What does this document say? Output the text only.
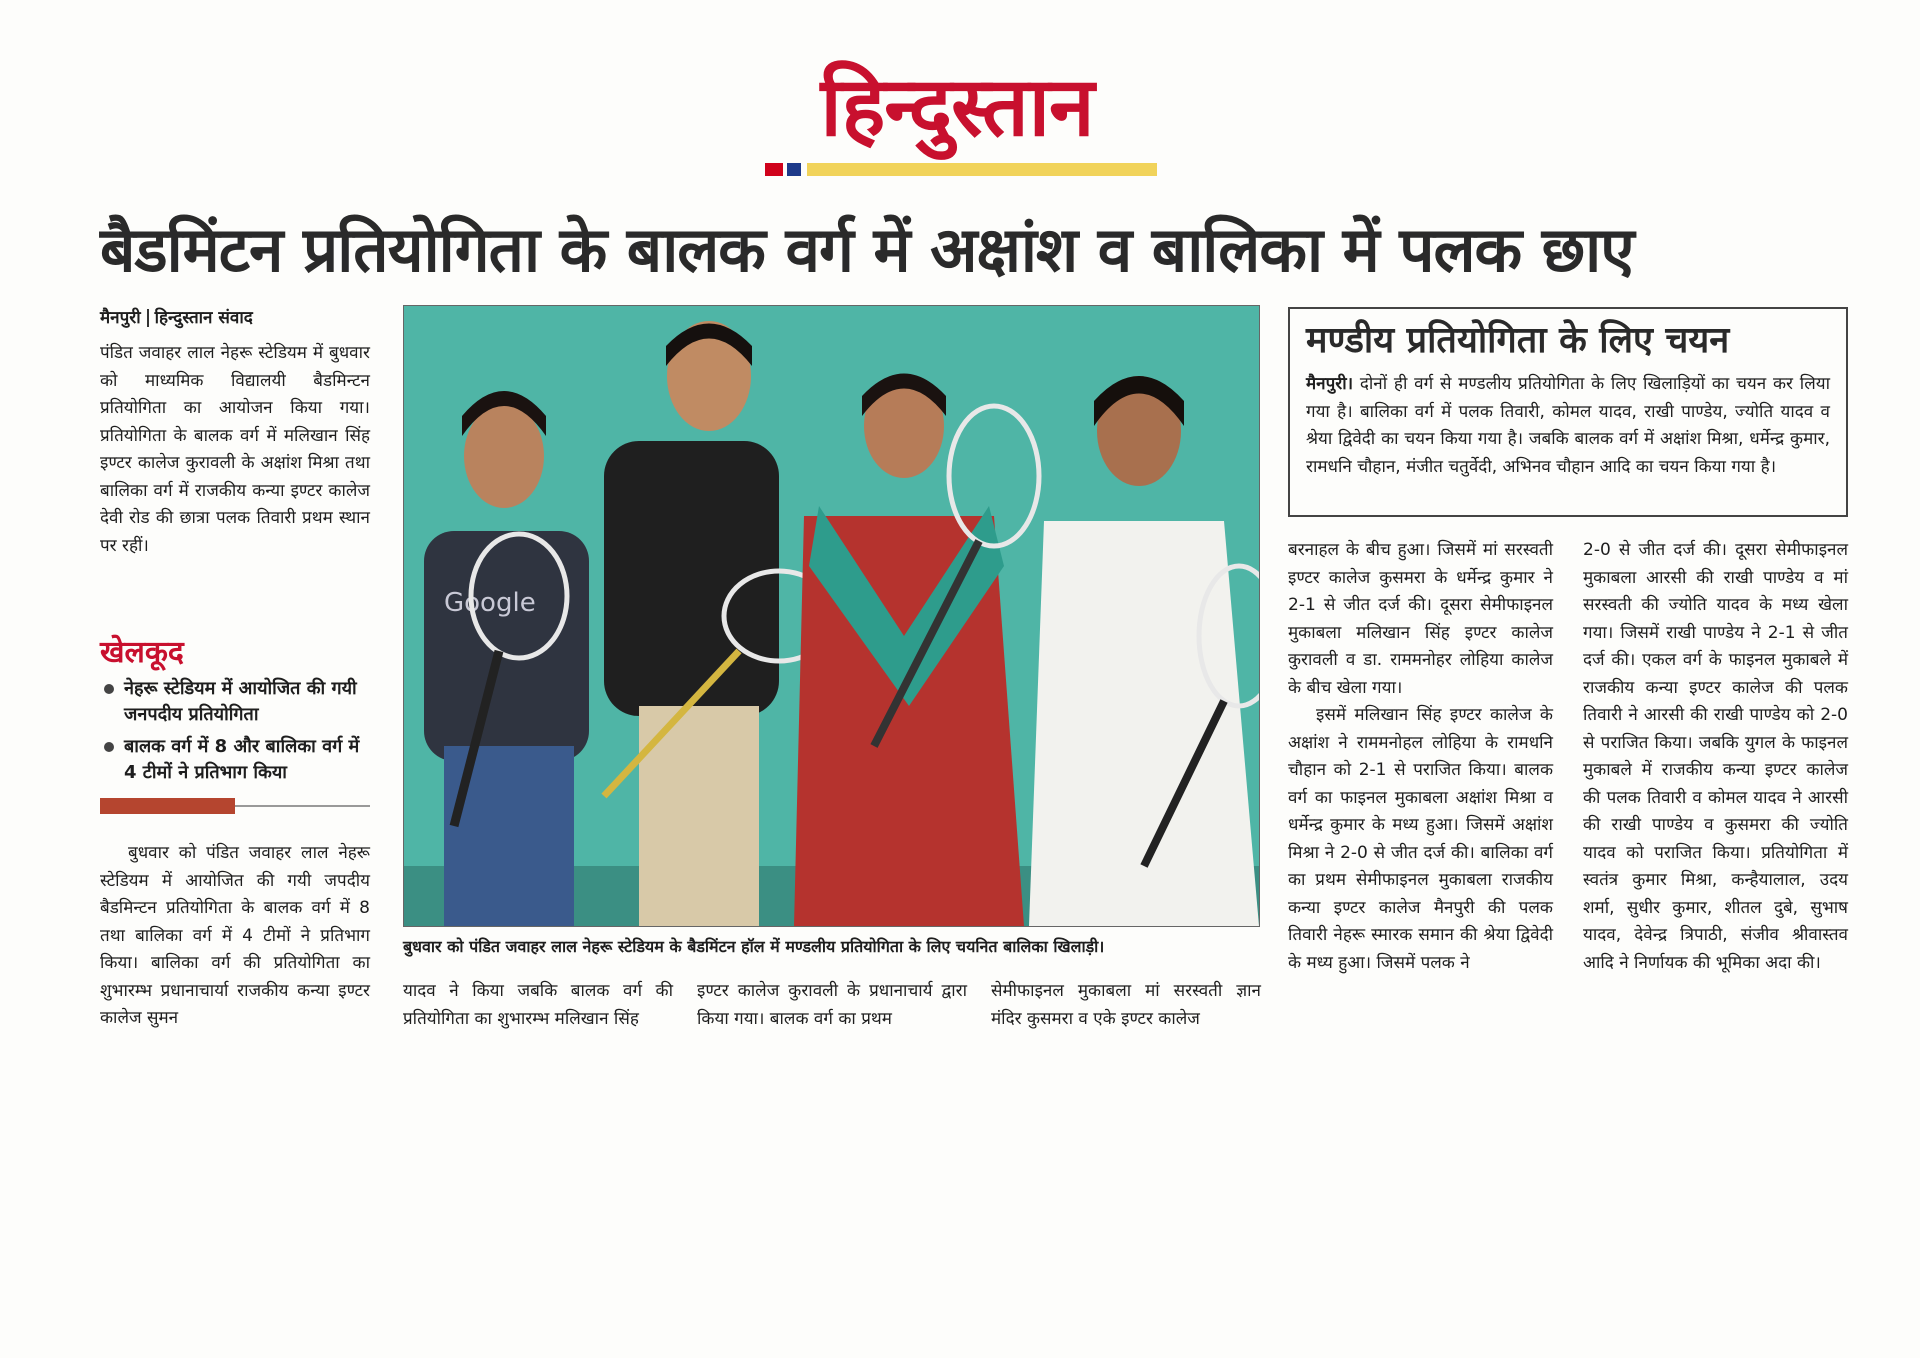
हिन्दुस्तान
बैडमिंटन प्रतियोगिता के बालक वर्ग में अक्षांश व बालिका में पलक छाए
मैनपुरी हिन्दुस्तान संवाद

पंडित जवाहर लाल नेहरू स्टेडियम में बुधवार को माध्यमिक विद्यालयी बैडमिन्टन प्रतियोगिता का आयोजन किया गया। प्रतियोगिता के बालक वर्ग में मलिखान सिंह इण्टर कालेज कुरावली के अक्षांश मिश्रा तथा बालिका वर्ग में राजकीय कन्या इण्टर कालेज देवी रोड की छात्रा पलक तिवारी प्रथम स्थान पर रहीं।

खेलकूद
नेहरू स्टेडियम में आयोजित की गयी जनपदीय प्रतियोगिता
बालक वर्ग में 8 और बालिका वर्ग में 4 टीमों ने प्रतिभाग किया

बुधवार को पंडित जवाहर लाल नेहरू स्टेडियम में आयोजित की गयी जपदीय बैडमिन्टन प्रतियोगिता के बालक वर्ग में 8 तथा बालिका वर्ग में 4 टीमों ने प्रतिभाग किया। बालिका वर्ग की प्रतियोगिता का शुभारम्भ प्रधानाचार्या राजकीय कन्या इण्टर कालेज सुमन

Google
बुधवार को पंडित जवाहर लाल नेहरू स्टेडियम के बैडमिंटन हॉल में मण्डलीय प्रतियोगिता के लिए चयनित बालिका खिलाड़ी।

यादव ने किया जबकि बालक वर्ग की प्रतियोगिता का शुभारम्भ मलिखान सिंह

इण्टर कालेज कुरावली के प्रधानाचार्य द्वारा किया गया। बालक वर्ग का प्रथम

सेमीफाइनल मुकाबला मां सरस्वती ज्ञान मंदिर कुसमरा व एके इण्टर कालेज

मण्डीय प्रतियोगिता के लिए चयन
मैनपुरी। दोनों ही वर्ग से मण्डलीय प्रतियोगिता के लिए खिलाड़ियों का चयन कर लिया गया है। बालिका वर्ग में पलक तिवारी, कोमल यादव, राखी पाण्डेय, ज्योति यादव व श्रेया द्विवेदी का चयन किया गया है। जबकि बालक वर्ग में अक्षांश मिश्रा, धर्मेन्द्र कुमार, रामधनि चौहान, मंजीत चतुर्वेदी, अभिनव चौहान आदि का चयन किया गया है।

बरनाहल के बीच हुआ। जिसमें मां सरस्वती इण्टर कालेज कुसमरा के धर्मेन्द्र कुमार ने 2-1 से जीत दर्ज की। दूसरा सेमीफाइनल मुकाबला मलिखान सिंह इण्टर कालेज कुरावली व डा. राममनोहर लोहिया कालेज के बीच खेला गया।

इसमें मलिखान सिंह इण्टर कालेज के अक्षांश ने राममनोहल लोहिया के रामधनि चौहान को 2-1 से पराजित किया। बालक वर्ग का फाइनल मुकाबला अक्षांश मिश्रा व धर्मेन्द्र कुमार के मध्य हुआ। जिसमें अक्षांश मिश्रा ने 2-0 से जीत दर्ज की। बालिका वर्ग का प्रथम सेमीफाइनल मुकाबला राजकीय कन्या इण्टर कालेज मैनपुरी की पलक तिवारी नेहरू स्मारक समान की श्रेया द्विवेदी के मध्य हुआ। जिसमें पलक ने

2-0 से जीत दर्ज की। दूसरा सेमीफाइनल मुकाबला आरसी की राखी पाण्डेय व मां सरस्वती की ज्योति यादव के मध्य खेला गया। जिसमें राखी पाण्डेय ने 2-1 से जीत दर्ज की। एकल वर्ग के फाइनल मुकाबले में राजकीय कन्या इण्टर कालेज की पलक तिवारी ने आरसी की राखी पाण्डेय को 2-0 से पराजित किया। जबकि युगल के फाइनल मुकाबले में राजकीय कन्या इण्टर कालेज की पलक तिवारी व कोमल यादव ने आरसी की राखी पाण्डेय व कुसमरा की ज्योति यादव को पराजित किया। प्रतियोगिता में स्वतंत्र कुमार मिश्रा, कन्हैयालाल, उदय शर्मा, सुधीर कुमार, शीतल दुबे, सुभाष यादव, देवेन्द्र त्रिपाठी, संजीव श्रीवास्तव आदि ने निर्णायक की भूमिका अदा की।
